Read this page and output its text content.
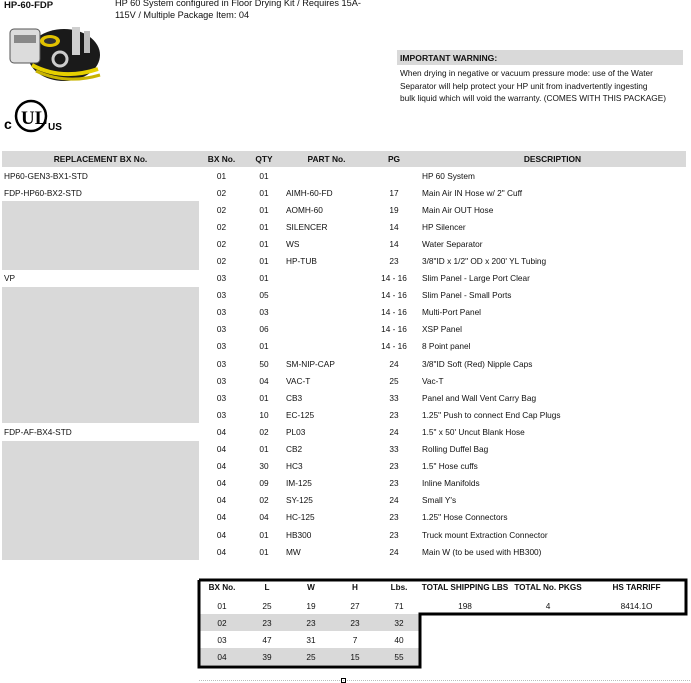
HP-60-FDP	HP 60 System configured in Floor Drying Kit / Requires 15A-
115V / Multiple Package Item: 04
c UL US
IMPORTANT WARNING:
When drying in negative or vacuum pressure mode: use of the Water
Separator will help protect your HP unit from inadvertently ingesting
bulk liquid which will void the warranty. (COMES WITH THIS PACKAGE)
REPLACEMENT BX No.	BX No.	QTY	PART No.	PG	DESCRIPTION
HP60-GEN3-BX1-STD	01	01			HP 60 System
FDP-HP60-BX2-STD	02	01	AIMH-60-FD	17	Main Air IN Hose w/ 2" Cuff
	02	01	AOMH-60	19	Main Air OUT Hose
	02	01	SILENCER	14	HP Silencer
	02	01	WS	14	Water Separator
	02	01	HP-TUB	23	3/8"ID x 1/2" OD x 200' YL Tubing
VP	03	01		14 - 16	Slim Panel - Large Port Clear
	03	05		14 - 16	Slim Panel - Small Ports
	03	03		14 - 16	Multi-Port Panel
	03	06		14 - 16	XSP Panel
	03	01		14 - 16	8 Point panel
	03	50	SM-NIP-CAP	24	3/8"ID Soft (Red) Nipple Caps
	03	04	VAC-T	25	Vac-T
	03	01	CB3	33	Panel and Wall Vent Carry Bag
	03	10	EC-125	23	1.25" Push to connect End Cap Plugs
FDP-AF-BX4-STD	04	02	PL03	24	1.5" x 50' Uncut Blank Hose
	04	01	CB2	33	Rolling Duffel Bag
	04	30	HC3	23	1.5" Hose cuffs
	04	09	IM-125	23	Inline Manifolds
	04	02	SY-125	24	Small Y's
	04	04	HC-125	23	1.25" Hose Connectors
	04	01	HB300	23	Truck mount Extraction Connector
	04	01	MW	24	Main W (to be used with HB300)
BX No.	L	W	H	Lbs.	TOTAL SHIPPING LBS	TOTAL No. PKGS	HS TARRIFF
01	25	19	27	71	198	4	8414.1O
02	23	23	23	32			
03	47	31	7	40			
04	39	25	15	55			
